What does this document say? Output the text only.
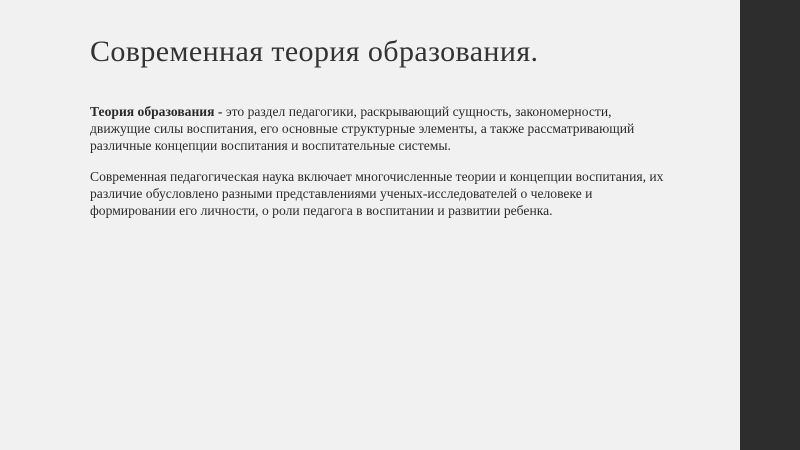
Современная теория образования.

Теория образования - это раздел педагогики, раскрывающий сущность, закономерности, движущие силы воспитания, его основные структурные элементы, а также рассматривающий различные концепции воспитания и воспитательные системы.

Современная педагогическая наука включает многочисленные теории и концепции воспитания, их различие обусловлено разными представлениями ученых-исследователей о человеке и формировании его личности, о роли педагога в воспитании и развитии ребенка.
